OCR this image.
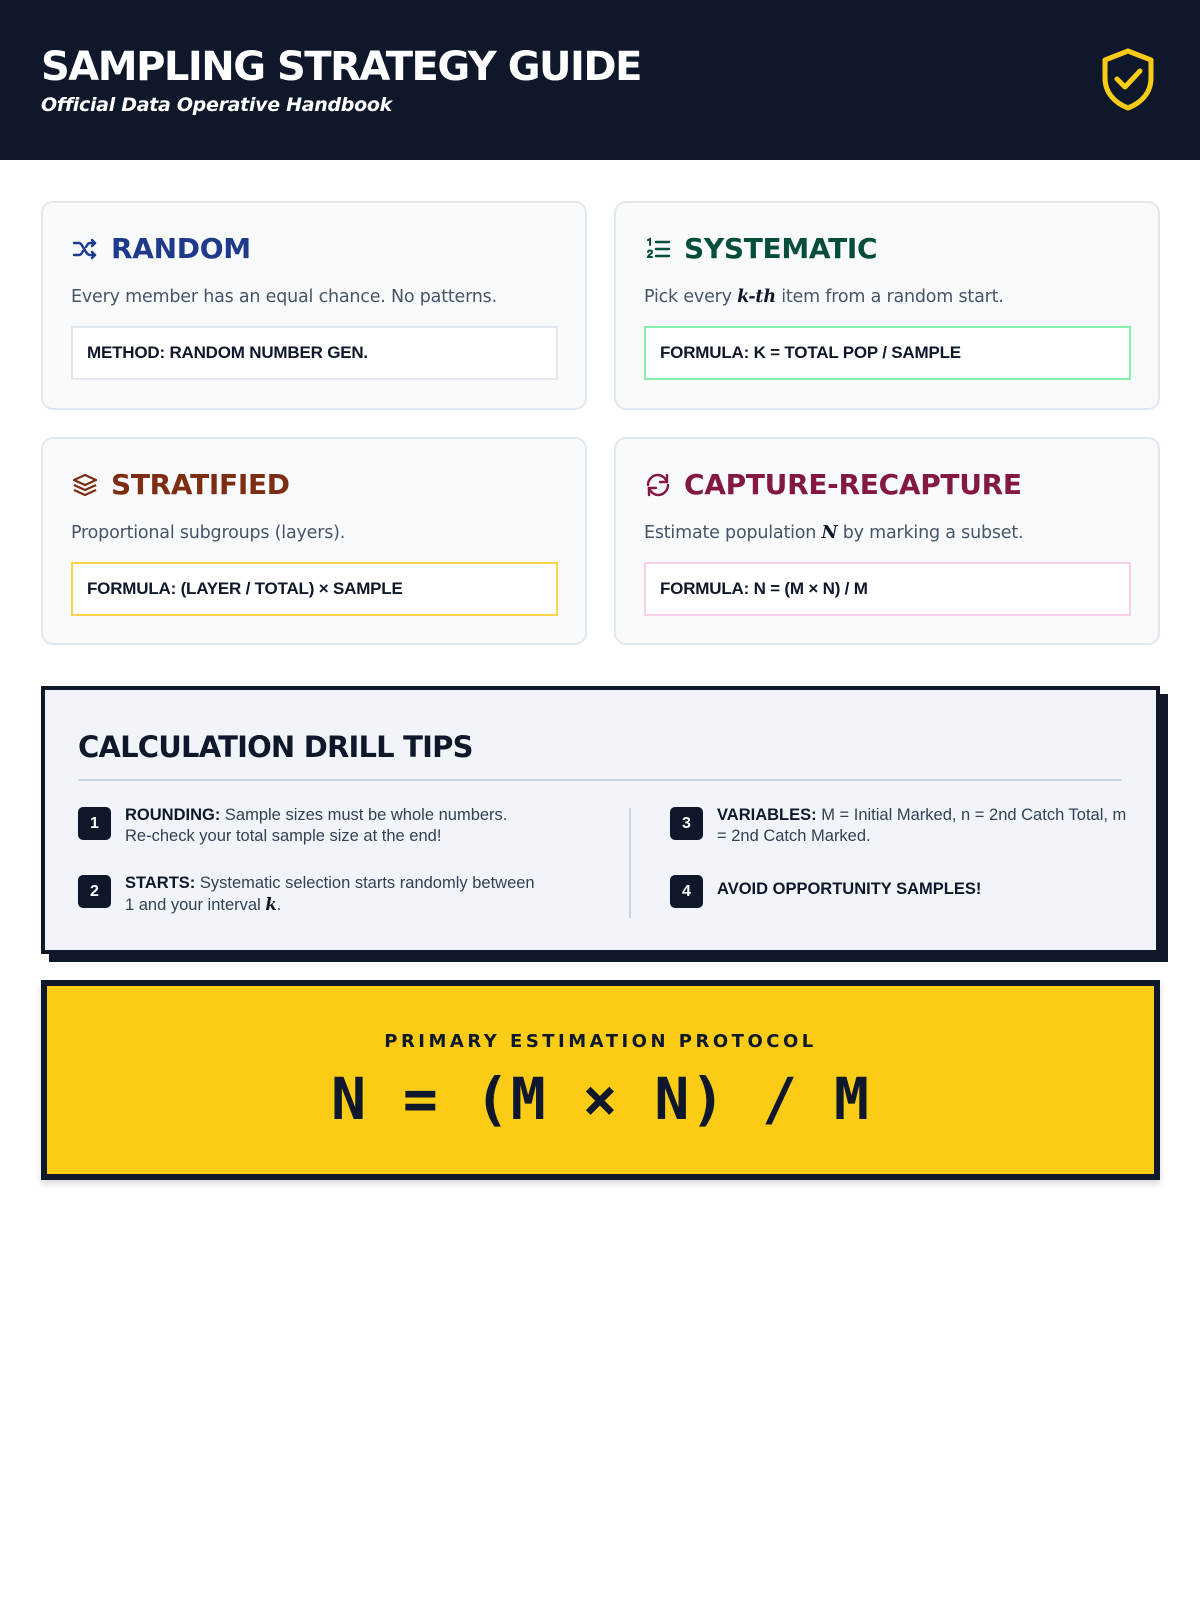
SAMPLING STRATEGY GUIDE
Official Data Operative Handbook
RANDOM
Every member has an equal chance. No patterns.
METHOD: RANDOM NUMBER GEN.
SYSTEMATIC
Pick every k-th item from a random start.
FORMULA: K = TOTAL POP / SAMPLE
STRATIFIED
Proportional subgroups (layers).
FORMULA: (LAYER / TOTAL) × SAMPLE
CAPTURE-RECAPTURE
Estimate population N by marking a subset.
FORMULA: N = (M × N) / M
CALCULATION DRILL TIPS
1	ROUNDING: Sample sizes must be whole numbers. Re-check your total sample size at the end!
2	STARTS: Systematic selection starts randomly between 1 and your interval k.
3	VARIABLES: M = Initial Marked, n = 2nd Catch Total, m = 2nd Catch Marked.
4	AVOID OPPORTUNITY SAMPLES!
PRIMARY ESTIMATION PROTOCOL
N = (M × N) / M
